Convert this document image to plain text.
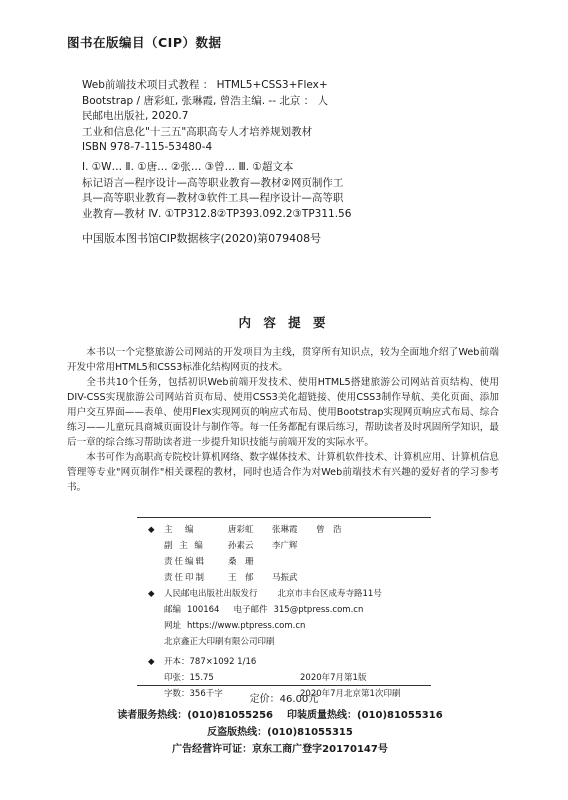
图书在版编目（CIP）数据
Web前端技术项目式教程 ： HTML5+CSS3+Flex+
Bootstrap / 唐彩虹, 张琳霞, 曾浩主编. -- 北京 ： 人
民邮电出版社, 2020.7
工业和信息化"十三五"高职高专人才培养规划教材
ISBN 978-7-115-53480-4
Ⅰ. ①W… Ⅱ. ①唐… ②张… ③曾… Ⅲ. ①超文本
标记语言—程序设计—高等职业教育—教材②网页制作工
具—高等职业教育—教材③软件工具—程序设计—高等职
业教育—教材 Ⅳ. ①TP312.8②TP393.092.2③TP311.56
中国版本图书馆CIP数据核字(2020)第079408号
内 容 提 要

本书以一个完整旅游公司网站的开发项目为主线，贯穿所有知识点，较为全面地介绍了Web前端开发中常用HTML5和CSS3标准化结构网页的技术。

全书共10个任务，包括初识Web前端开发技术、使用HTML5搭建旅游公司网站首页结构、使用DIV-CSS实现旅游公司网站首页布局、使用CSS3美化超链接、使用CSS3制作导航、美化页面、添加用户交互界面——表单、使用Flex实现网页的响应式布局、使用Bootstrap实现网页响应式布局、综合练习——儿童玩具商城页面设计与制作等。每一任务都配有课后练习，帮助读者及时巩固所学知识，最后一章的综合练习帮助读者进一步提升知识技能与前端开发的实际水平。

本书可作为高职高专院校计算机网络、数字媒体技术、计算机软件技术、计算机应用、计算机信息管理等专业"网页制作"相关课程的教材，同时也适合作为对Web前端技术有兴趣的爱好者的学习参考书。

◆	主　编	唐彩虹	张琳霞	曾　浩
副 主 编	孙素云	李广辉
责任编辑	桑　珊
责任印制	王　郁	马振武
◆	人民邮电出版社出版发行 北京市丰台区成寿寺路11号
邮编 100164 电子邮件 315@ptpress.com.cn
网址 https://www.ptpress.com.cn
北京鑫正大印刷有限公司印刷
◆	开本：787×1092 1/16
印张：15.75	2020年7月第1版
字数：356千字	2020年7月北京第1次印刷
定价：46.00元
读者服务热线：(010)81055256 印装质量热线：(010)81055316
反盗版热线：(010)81055315
广告经营许可证：京东工商广登字20170147号
